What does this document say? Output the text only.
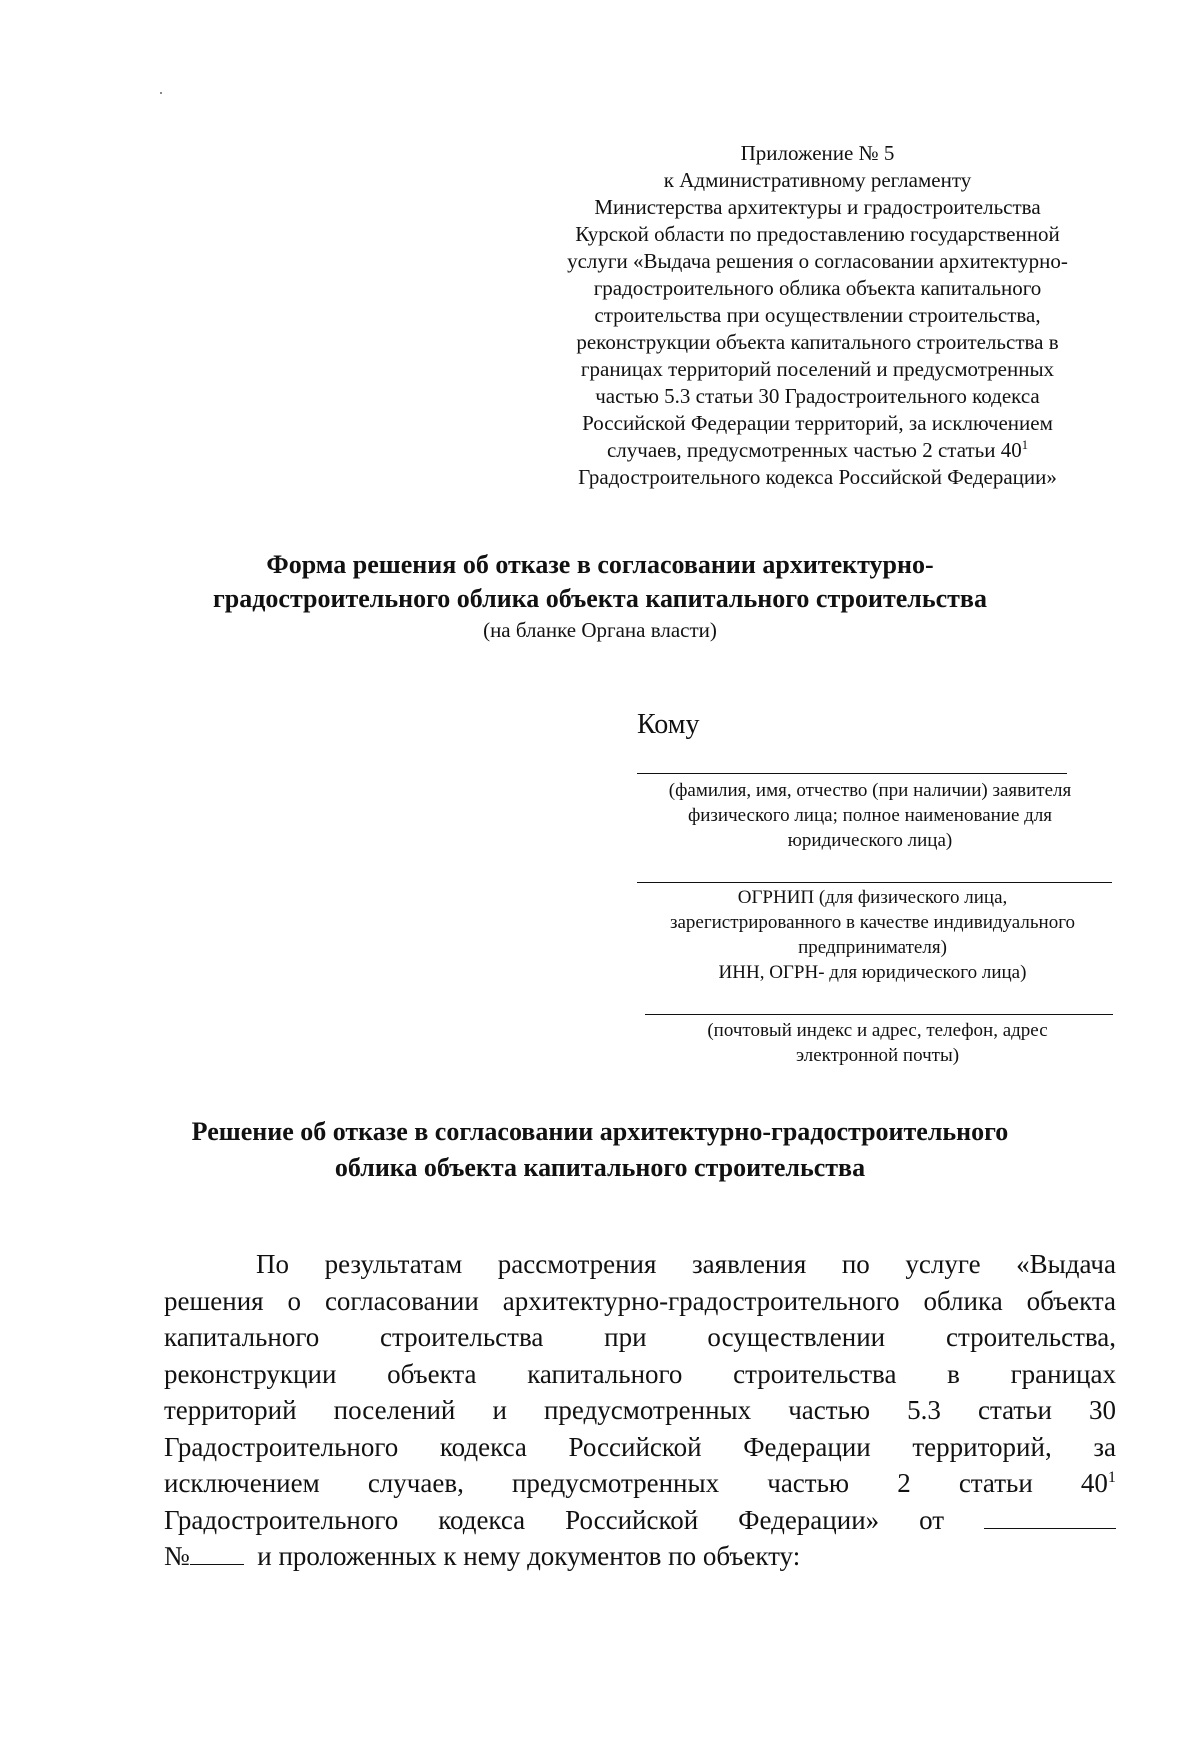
Приложение № 5
к Административному регламенту
Министерства архитектуры и градостроительства
Курской области по предоставлению государственной
услуги «Выдача решения о согласовании архитектурно-
градостроительного облика объекта капитального
строительства при осуществлении строительства,
реконструкции объекта капитального строительства в
границах территорий поселений и предусмотренных
частью 5.3 статьи 30 Градостроительного кодекса
Российской Федерации территорий, за исключением
случаев, предусмотренных частью 2 статьи $40^1$
Градостроительного кодекса Российской Федерации»
Форма решения об отказе в согласовании архитектурно-
градостроительного облика объекта капитального строительства
(на бланке Органа власти)
Кому
(фамилия, имя, отчество (при наличии) заявителя
физического лица; полное наименование для
юридического лица)
ОГРНИП (для физического лица,
зарегистрированного в качестве индивидуального
предпринимателя)
ИНН, ОГРН- для юридического лица)
(почтовый индекс и адрес, телефон, адрес
электронной почты)
Решение об отказе в согласовании архитектурно-градостроительного
облика объекта капитального строительства
По результатам рассмотрения заявления по услуге «Выдача
решения о согласовании архитектурно-градостроительного облика объекта
капитального строительства при осуществлении строительства,
реконструкции объекта капитального строительства в границах
территорий поселений и предусмотренных частью 5.3 статьи 30
Градостроительного кодекса Российской Федерации территорий, за
исключением случаев, предусмотренных частью 2 статьи $40^1$
Градостроительного кодекса Российской Федерации» от
№	и проложенных к нему документов по объекту:
